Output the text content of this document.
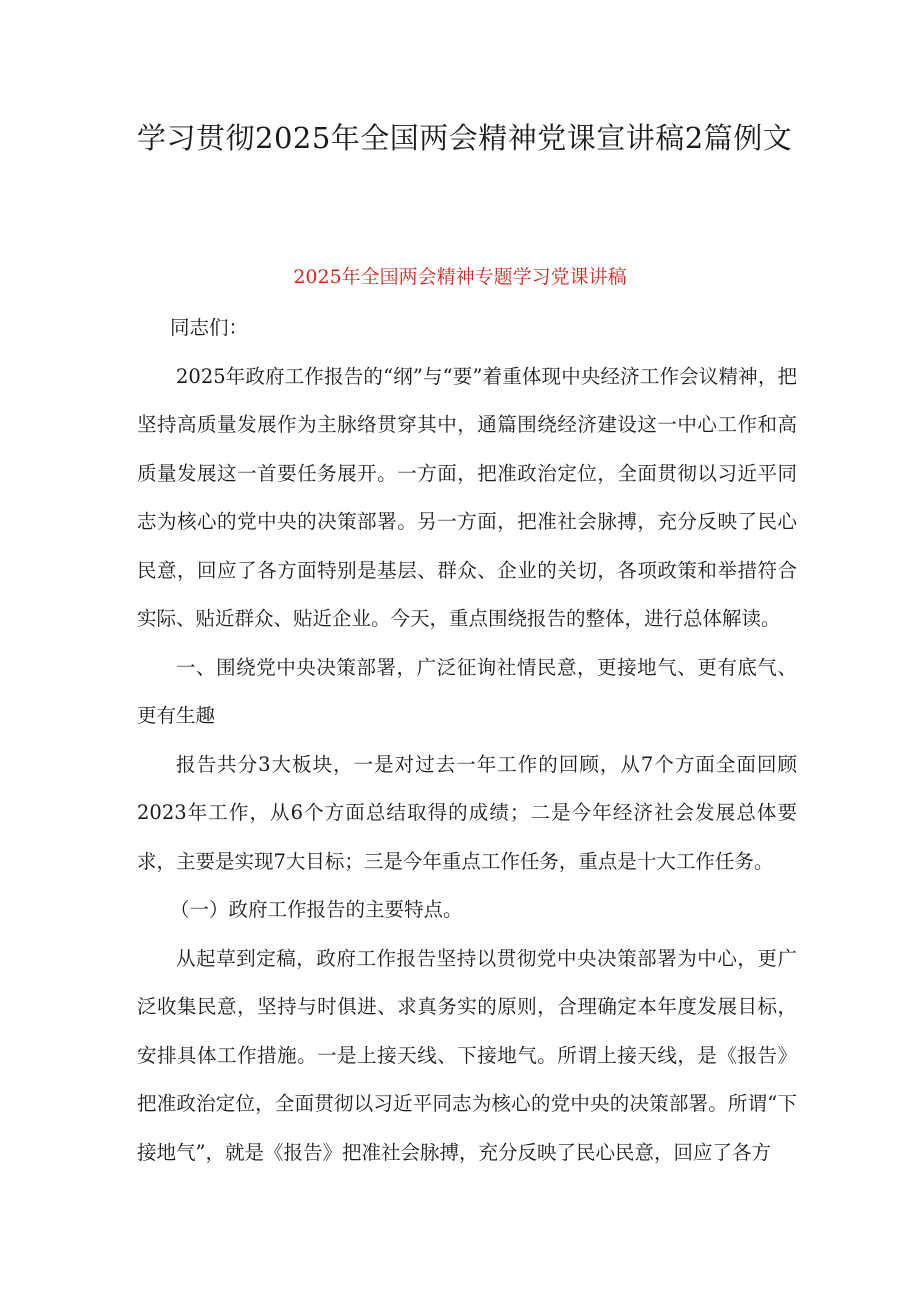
学习贯彻2025年全国两会精神党课宣讲稿2篇例文
2025年全国两会精神专题学习党课讲稿

同志们：

2025年政府工作报告的“纲”与“要”着重体现中央经济工作会议精神，把坚持高质量发展作为主脉络贯穿其中，通篇围绕经济建设这一中心工作和高质量发展这一首要任务展开。一方面，把准政治定位，全面贯彻以习近平同志为核心的党中央的决策部署。另一方面，把准社会脉搏，充分反映了民心民意，回应了各方面特别是基层、群众、企业的关切，各项政策和举措符合实际、贴近群众、贴近企业。今天，重点围绕报告的整体，进行总体解读。

一、围绕党中央决策部署，广泛征询社情民意，更接地气、更有底气、更有生趣

报告共分3大板块，一是对过去一年工作的回顾，从7个方面全面回顾2023年工作，从6个方面总结取得的成绩；二是今年经济社会发展总体要求，主要是实现7大目标；三是今年重点工作任务，重点是十大工作任务。

（一）政府工作报告的主要特点。

从起草到定稿，政府工作报告坚持以贯彻党中央决策部署为中心，更广泛收集民意，坚持与时俱进、求真务实的原则，合理确定本年度发展目标，安排具体工作措施。一是上接天线、下接地气。所谓上接天线，是《报告》把准政治定位，全面贯彻以习近平同志为核心的党中央的决策部署。所谓“下接地气”，就是《报告》把准社会脉搏，充分反映了民心民意，回应了各方
